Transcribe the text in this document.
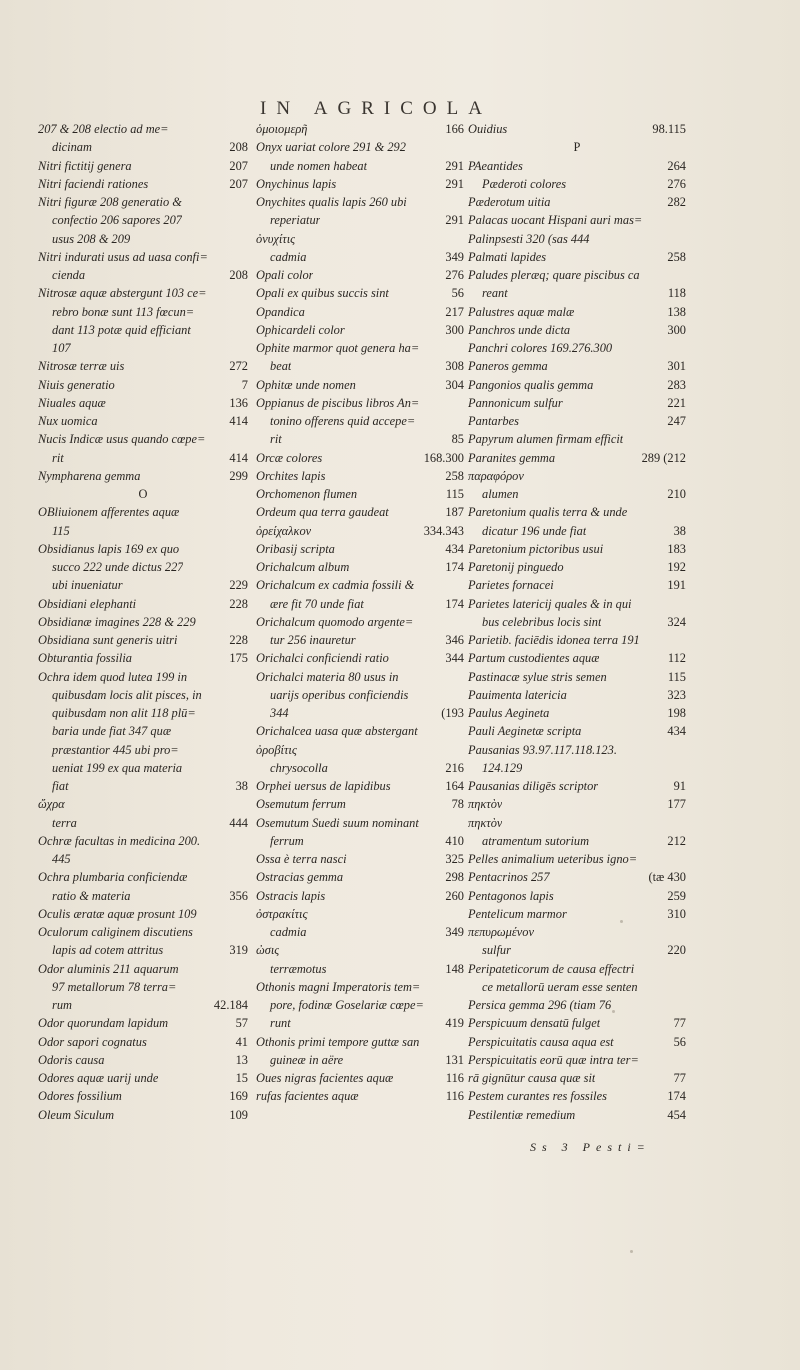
IN AGRICOLA
207 & 208 electio ad me=
dicinam	208
Nitri fictitij genera	207
Nitri faciendi rationes	207
Nitri figuræ 208 generatio &
confectio 206 sapores 207
usus 208 & 209
Nitri indurati usus ad uasa confi=
cienda	208
Nitrosæ aquæ abstergunt 103 ce=
rebro bonæ sunt 113 fœcun=
dant 113 potæ quid efficiant
107
Nitrosæ terræ uis	272
Niuis generatio	7
Niuales aquæ	136
Nux uomica	414
Nucis Indicæ usus quando cœpe=
rit	414
Nympharena gemma	299
O
OBliuionem afferentes aquæ
115
Obsidianus lapis 169 ex quo
succo 222 unde dictus 227
ubi inueniatur	229
Obsidiani elephanti	228
Obsidianæ imagines 228 & 229
Obsidiana sunt generis uitri	228
Obturantia fossilia	175
Ochra idem quod lutea 199 in
quibusdam locis alit pisces, in
quibusdam non alit 118 plū=
baria unde fiat 347 quæ
præstantior 445 ubi pro=
ueniat 199 ex qua materia
fiat	38
ὤχρα
terra	444
Ochræ facultas in medicina 200.
445
Ochra plumbaria conficiendæ
ratio & materia	356
Oculis æratæ aquæ prosunt 109
Oculorum caliginem discutiens
lapis ad cotem attritus	319
Odor aluminis 211 aquarum
97 metallorum 78 terra=
rum	42.184
Odor quorundam lapidum	57
Odor sapori cognatus	41
Odoris causa	13
Odores aquæ uarij unde	15
Odores fossilium	169
Oleum Siculum	109
ὁμοιομερῆ	166
Onyx uariat colore 291 & 292
unde nomen habeat	291
Onychinus lapis	291
Onychites qualis lapis 260 ubi
reperiatur	291
ὀνυχίτις
cadmia	349
Opali color	276
Opali ex quibus succis sint	56
Opandica	217
Ophicardeli color	300
Ophite marmor quot genera ha=
beat	308
Ophitæ unde nomen	304
Oppianus de piscibus libros An=
tonino offerens quid accepe=
rit	85
Orcæ colores	168.300
Orchites lapis	258
Orchomenon flumen	115
Ordeum qua terra gaudeat	187
ὀρείχαλκον	334.343
Oribasij scripta	434
Orichalcum album	174
Orichalcum ex cadmia fossili &
ære fit 70 unde fiat	174
Orichalcum quomodo argente=
tur 256 inauretur	346
Orichalci conficiendi ratio	344
Orichalci materia 80 usus in
uarijs operibus conficiendis
344	(193
Orichalcea uasa quæ abstergant
ὀροβίτις
chrysocolla	216
Orphei uersus de lapidibus	164
Osemutum ferrum	78
Osemutum Suedi suum nominant
ferrum	410
Ossa è terra nasci	325
Ostracias gemma	298
Ostracis lapis	260
ὀστρακίτις
cadmia	349
ὠσις
terræmotus	148
Othonis magni Imperatoris tem=
pore, fodinæ Goselariæ cœpe=
runt	419
Othonis primi tempore guttæ san
guineæ in aëre	131
Oues nigras facientes aquæ	116
rufas facientes aquæ	116
Ouidius	98.115
P
PAeantides	264
Pæderoti colores	276
Pæderotum uitia	282
Palacas uocant Hispani auri mas=
Palinpsesti 320 (sas 444
Palmati lapides	258
Paludes pleræq; quare piscibus ca
reant	118
Palustres aquæ malæ	138
Panchros unde dicta	300
Panchri colores 169.276.300
Paneros gemma	301
Pangonios qualis gemma	283
Pannonicum sulfur	221
Pantarbes	247
Papyrum alumen firmam efficit
Paranites gemma	289 (212
παραφόρον
alumen	210
Paretonium qualis terra & unde
dicatur 196 unde fiat	38
Paretonium pictoribus usui	183
Paretonij pinguedo	192
Parietes fornacei	191
Parietes latericij quales & in qui
bus celebribus locis sint	324
Parietib. faciēdis idonea terra 191
Partum custodientes aquæ	112
Pastinacæ sylue stris semen	115
Pauimenta latericia	323
Paulus Aegineta	198
Pauli Aeginetæ scripta	434
Pausanias 93.97.117.118.123.
124.129
Pausanias diligēs scriptor	91
πηκτὸν	177
πηκτὸν
atramentum sutorium	212
Pelles animalium ueteribus igno=
Pentacrinos 257	(tæ 430
Pentagonos lapis	259
Pentelicum marmor	310
πεπυρωμένον
sulfur	220
Peripateticorum de causa effectri
ce metallorū ueram esse senten
Persica gemma 296 (tiam 76
Perspicuum densatū fulget	77
Perspicuitatis causa aqua est	56
Perspicuitatis eorū quæ intra ter=
rā gignūtur causa quæ sit	77
Pestem curantes res fossiles	174
Pestilentiæ remedium	454
Ss 3 Pesti=
